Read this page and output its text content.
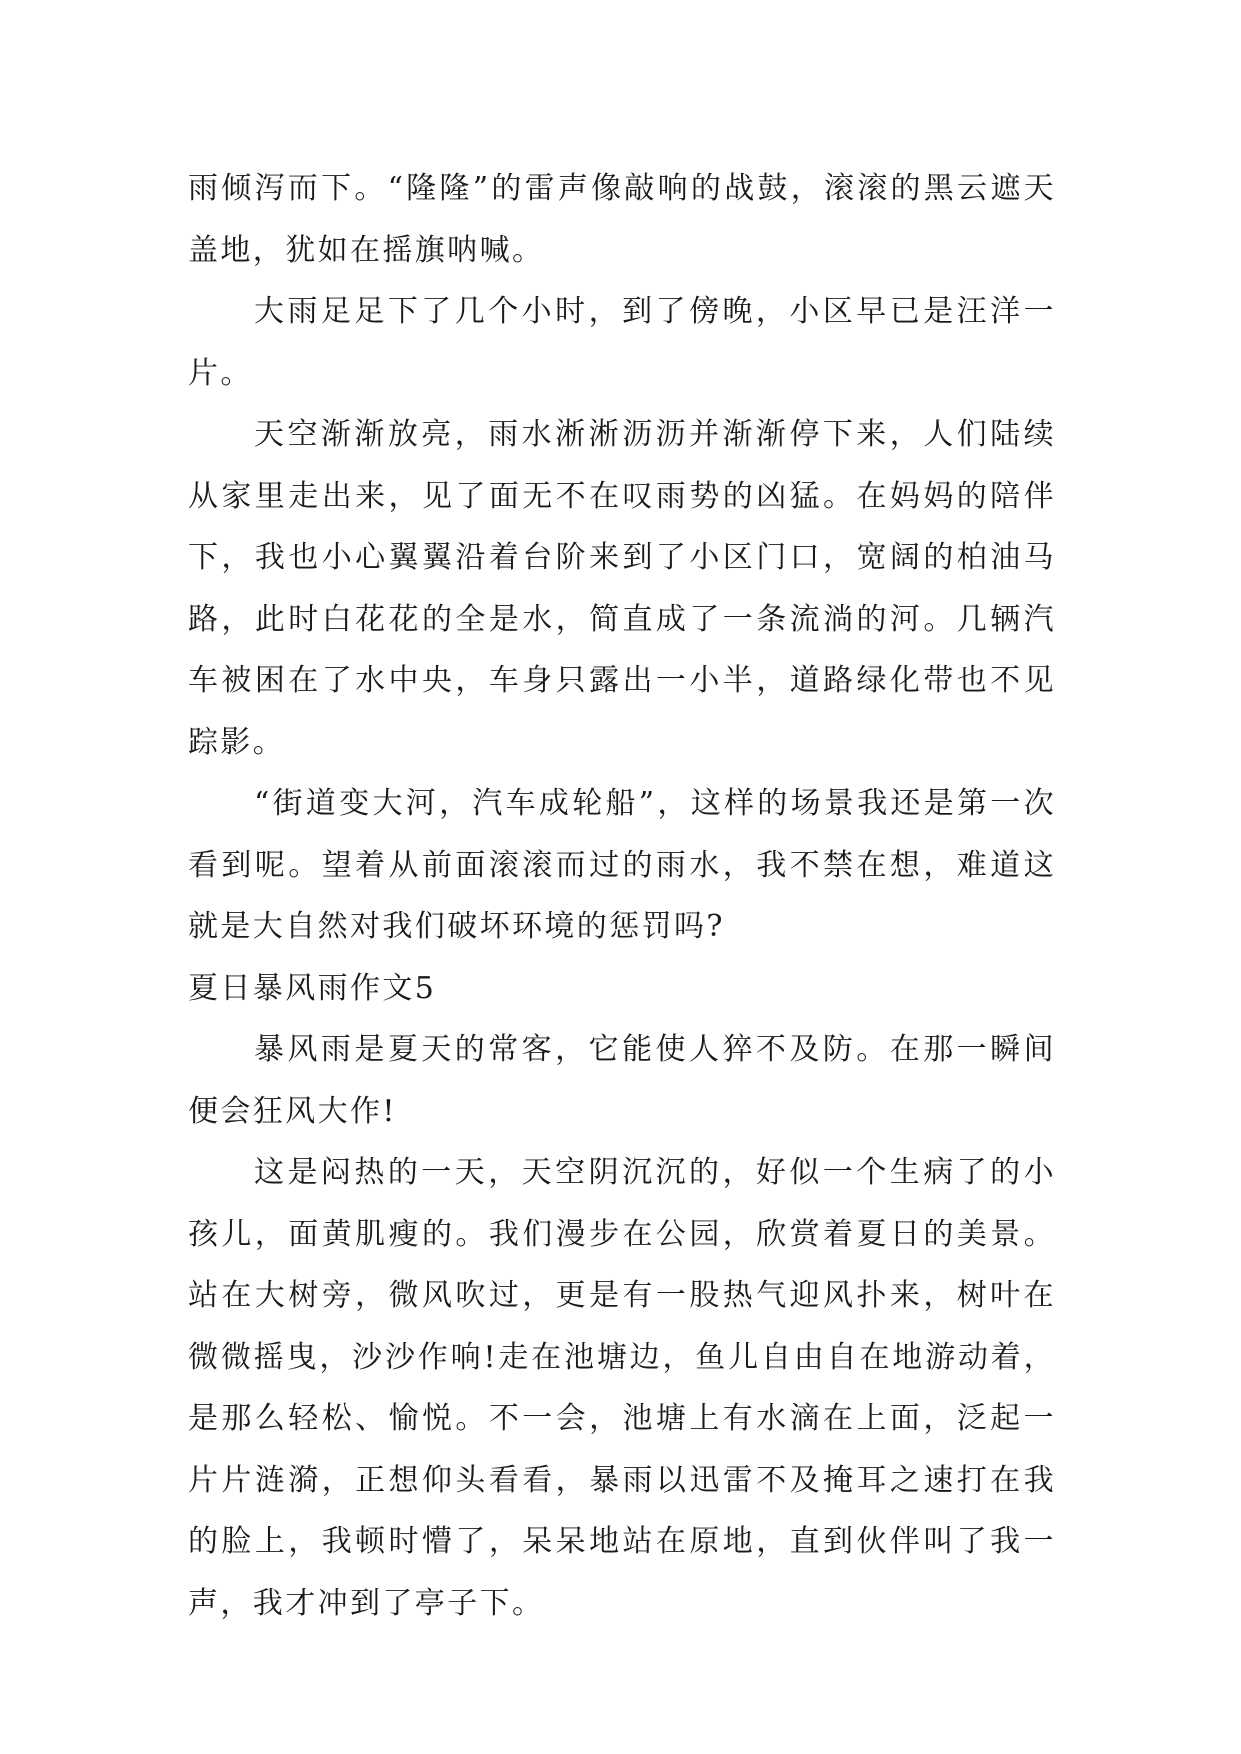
雨倾泻而下。“隆隆”的雷声像敲响的战鼓，滚滚的黑云遮天盖地，犹如在摇旗呐喊。

大雨足足下了几个小时，到了傍晚，小区早已是汪洋一片。

天空渐渐放亮，雨水淅淅沥沥并渐渐停下来，人们陆续从家里走出来，见了面无不在叹雨势的凶猛。在妈妈的陪伴下，我也小心翼翼沿着台阶来到了小区门口，宽阔的柏油马路，此时白花花的全是水，简直成了一条流淌的河。几辆汽车被困在了水中央，车身只露出一小半，道路绿化带也不见踪影。

“街道变大河，汽车成轮船”，这样的场景我还是第一次看到呢。望着从前面滚滚而过的雨水，我不禁在想，难道这就是大自然对我们破坏环境的惩罚吗?

夏日暴风雨作文5

暴风雨是夏天的常客，它能使人猝不及防。在那一瞬间便会狂风大作!

这是闷热的一天，天空阴沉沉的，好似一个生病了的小孩儿，面黄肌瘦的。我们漫步在公园，欣赏着夏日的美景。站在大树旁，微风吹过，更是有一股热气迎风扑来，树叶在微微摇曳，沙沙作响!走在池塘边，鱼儿自由自在地游动着，是那么轻松、愉悦。不一会，池塘上有水滴在上面，泛起一片片涟漪，正想仰头看看，暴雨以迅雷不及掩耳之速打在我的脸上，我顿时懵了，呆呆地站在原地，直到伙伴叫了我一声，我才冲到了亭子下。
